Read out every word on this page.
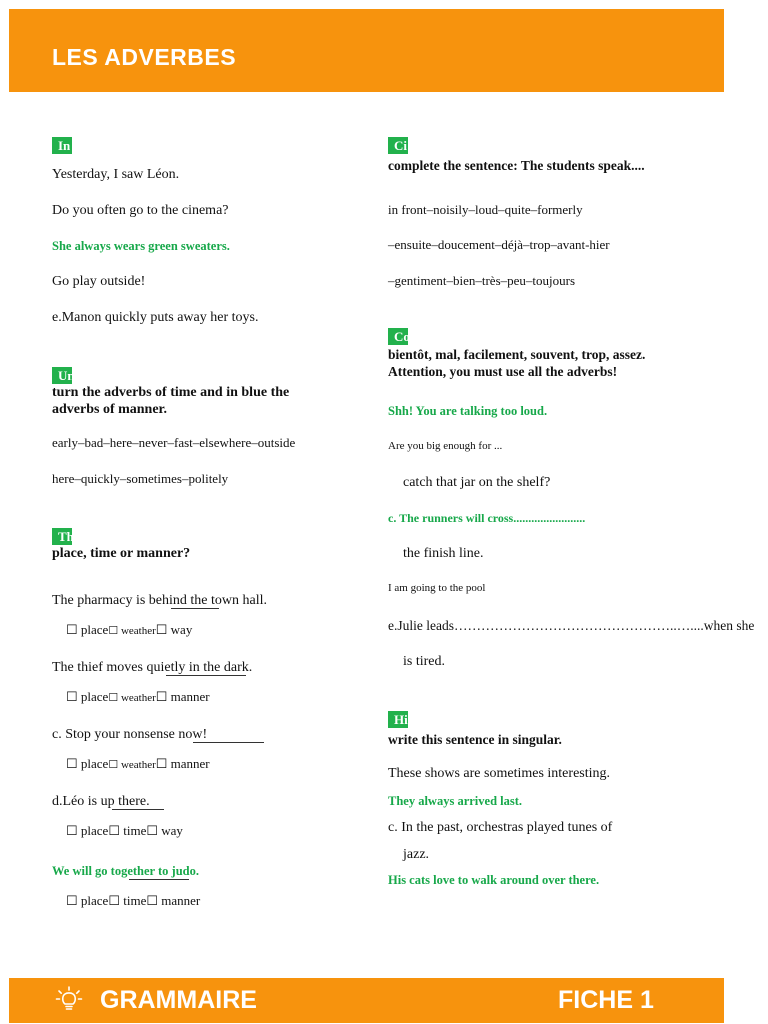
LES ADVERBES
In
Yesterday, I saw Léon.
Do you often go to the cinema?
She always wears green sweaters.
Go play outside!
e.Manon quickly puts away her toys.
Un
turn the adverbs of time and in blue the
adverbs of manner.
early–bad–here–never–fast–elsewhere–outside
here–quickly–sometimes–politely
Th
place, time or manner?
The pharmacy is behind the town hall.
☐ place☐ weather☐ way
The thief moves quietly in the dark.
☐ place☐ weather☐ manner
c. Stop your nonsense now!
☐ place☐ weather☐ manner
d.Léo is up there.
☐ place☐ time☐ way
We will go together to judo.
☐ place☐ time☐ manner
Ci
complete the sentence: The students speak....
in front–noisily–loud–quite–formerly
–ensuite–doucement–déjà–trop–avant-hier
–gentiment–bien–très–peu–toujours
Co
bientôt, mal, facilement, souvent, trop, assez.
Attention, you must use all the adverbs!
Shh! You are talking too loud.
Are you big enough for ...
catch that jar on the shelf?
c. The runners will cross........................
the finish line.
I am going to the pool
e.Julie leads…………………………………………..…....when she
is tired.
Hi
write this sentence in singular.
These shows are sometimes interesting.
They always arrived last.
c. In the past, orchestras played tunes of
jazz.
His cats love to walk around over there.
GRAMMAIRE	FICHE 1
